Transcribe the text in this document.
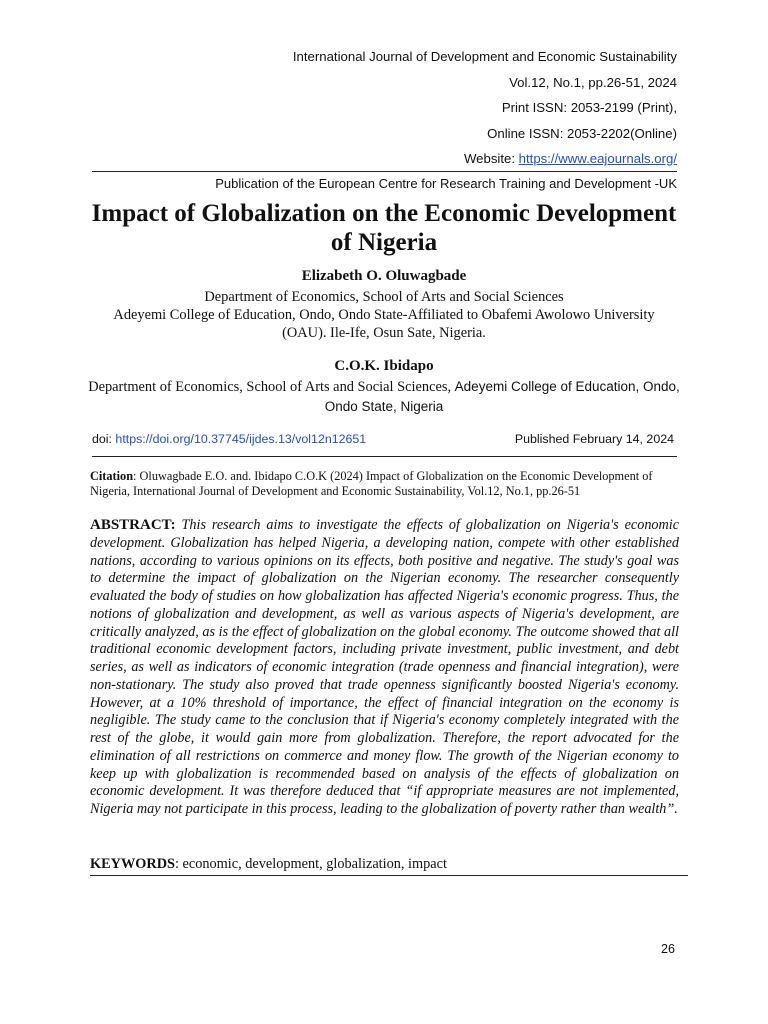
International Journal of Development and Economic Sustainability
Vol.12, No.1, pp.26-51, 2024
Print ISSN: 2053-2199 (Print),
Online ISSN: 2053-2202(Online)
Website: https://www.eajournals.org/
Publication of the European Centre for Research Training and Development -UK
Impact of Globalization on the Economic Development of Nigeria
Elizabeth O. Oluwagbade
Department of Economics, School of Arts and Social Sciences
Adeyemi College of Education, Ondo, Ondo State-Affiliated to Obafemi Awolowo University (OAU). Ile-Ife, Osun Sate, Nigeria.
C.O.K. Ibidapo
Department of Economics, School of Arts and Social Sciences, Adeyemi College of Education, Ondo, Ondo State, Nigeria
doi: https://doi.org/10.37745/ijdes.13/vol12n12651	Published February 14, 2024
Citation: Oluwagbade E.O. and. Ibidapo C.O.K (2024) Impact of Globalization on the Economic Development of Nigeria, International Journal of Development and Economic Sustainability, Vol.12, No.1, pp.26-51
ABSTRACT: This research aims to investigate the effects of globalization on Nigeria's economic development. Globalization has helped Nigeria, a developing nation, compete with other established nations, according to various opinions on its effects, both positive and negative. The study's goal was to determine the impact of globalization on the Nigerian economy. The researcher consequently evaluated the body of studies on how globalization has affected Nigeria's economic progress. Thus, the notions of globalization and development, as well as various aspects of Nigeria's development, are critically analyzed, as is the effect of globalization on the global economy. The outcome showed that all traditional economic development factors, including private investment, public investment, and debt series, as well as indicators of economic integration (trade openness and financial integration), were non-stationary. The study also proved that trade openness significantly boosted Nigeria's economy. However, at a 10% threshold of importance, the effect of financial integration on the economy is negligible. The study came to the conclusion that if Nigeria's economy completely integrated with the rest of the globe, it would gain more from globalization. Therefore, the report advocated for the elimination of all restrictions on commerce and money flow. The growth of the Nigerian economy to keep up with globalization is recommended based on analysis of the effects of globalization on economic development. It was therefore deduced that “if appropriate measures are not implemented, Nigeria may not participate in this process, leading to the globalization of poverty rather than wealth”.
KEYWORDS: economic, development, globalization, impact
26
